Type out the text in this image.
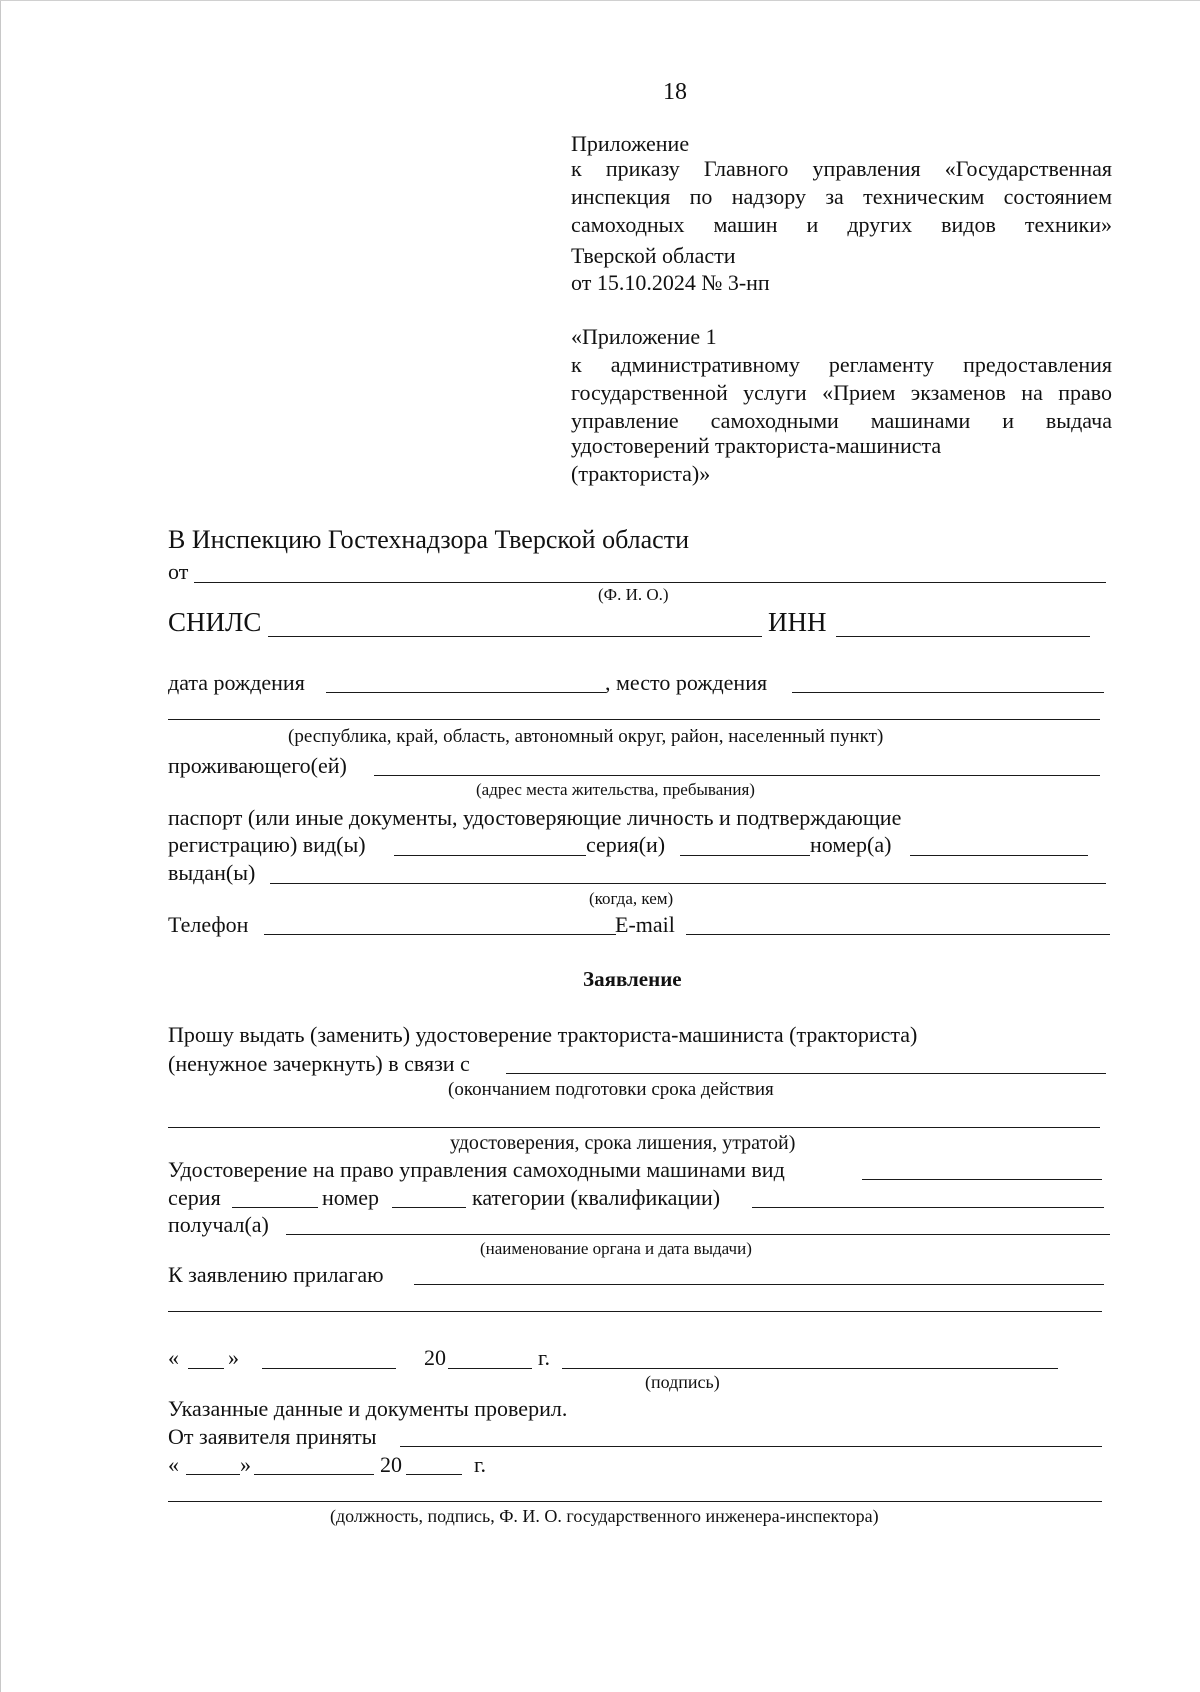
18
Приложение
к приказу Главного управления «Государственная
инспекция по надзору за техническим состоянием
самоходных машин и других видов техники»
Тверской области
от 15.10.2024 № 3-нп
«Приложение 1
к административному регламенту предоставления
государственной услуги «Прием экзаменов на право
управление самоходными машинами и выдача
удостоверений тракториста-машиниста
(тракториста)»
В Инспекцию Гостехнадзора Тверской области
от
(Ф. И. О.)
СНИЛС	ИНН
дата рождения	, место рождения
(республика, край, область, автономный округ, район, населенный пункт)
проживающего(ей)
(адрес места жительства, пребывания)
паспорт (или иные документы, удостоверяющие личность и подтверждающие
регистрацию) вид(ы)	серия(и)	номер(а)
выдан(ы)
(когда, кем)
Телефон	E-mail
Заявление
Прошу выдать (заменить) удостоверение тракториста-машиниста (тракториста)
(ненужное зачеркнуть) в связи с
(окончанием подготовки срока действия
удостоверения, срока лишения, утратой)
Удостоверение на право управления самоходными машинами вид
серия	номер	категории (квалификации)
получал(а)
(наименование органа и дата выдачи)
К заявлению прилагаю
« »	20	г.
(подпись)
Указанные данные и документы проверил.
От заявителя приняты
«	»	20	г.
(должность, подпись, Ф. И. О. государственного инженера-инспектора)
